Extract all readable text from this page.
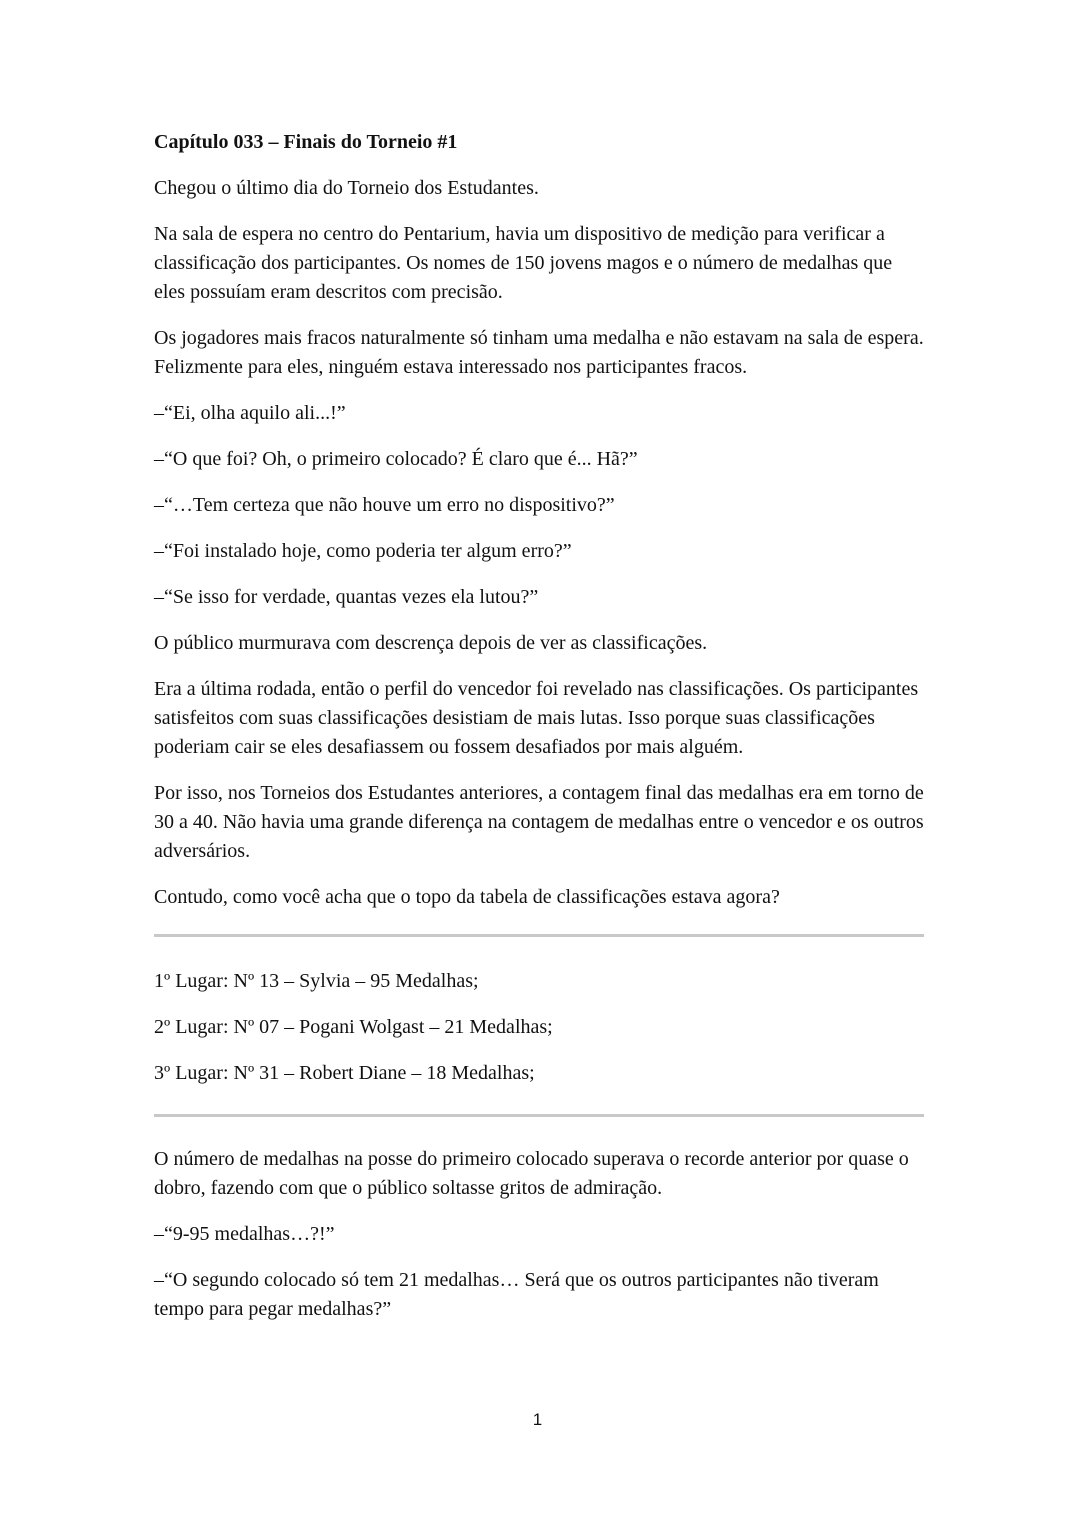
Capítulo 033 – Finais do Torneio #1

Chegou o último dia do Torneio dos Estudantes.

Na sala de espera no centro do Pentarium, havia um dispositivo de medição para verificar a classificação dos participantes. Os nomes de 150 jovens magos e o número de medalhas que eles possuíam eram descritos com precisão.

Os jogadores mais fracos naturalmente só tinham uma medalha e não estavam na sala de espera. Felizmente para eles, ninguém estava interessado nos participantes fracos.

–“Ei, olha aquilo ali...!”

–“O que foi? Oh, o primeiro colocado? É claro que é... Hã?”

–“…Tem certeza que não houve um erro no dispositivo?”

–“Foi instalado hoje, como poderia ter algum erro?”

–“Se isso for verdade, quantas vezes ela lutou?”

O público murmurava com descrença depois de ver as classificações.

Era a última rodada, então o perfil do vencedor foi revelado nas classificações. Os participantes satisfeitos com suas classificações desistiam de mais lutas. Isso porque suas classificações poderiam cair se eles desafiassem ou fossem desafiados por mais alguém.

Por isso, nos Torneios dos Estudantes anteriores, a contagem final das medalhas era em torno de 30 a 40. Não havia uma grande diferença na contagem de medalhas entre o vencedor e os outros adversários.

Contudo, como você acha que o topo da tabela de classificações estava agora?

1º Lugar: Nº 13 – Sylvia – 95 Medalhas;

2º Lugar: Nº 07 – Pogani Wolgast – 21 Medalhas;

3º Lugar: Nº 31 – Robert Diane – 18 Medalhas;

O número de medalhas na posse do primeiro colocado superava o recorde anterior por quase o dobro, fazendo com que o público soltasse gritos de admiração.

–“9-95 medalhas…?!”

–“O segundo colocado só tem 21 medalhas… Será que os outros participantes não tiveram tempo para pegar medalhas?”

1
